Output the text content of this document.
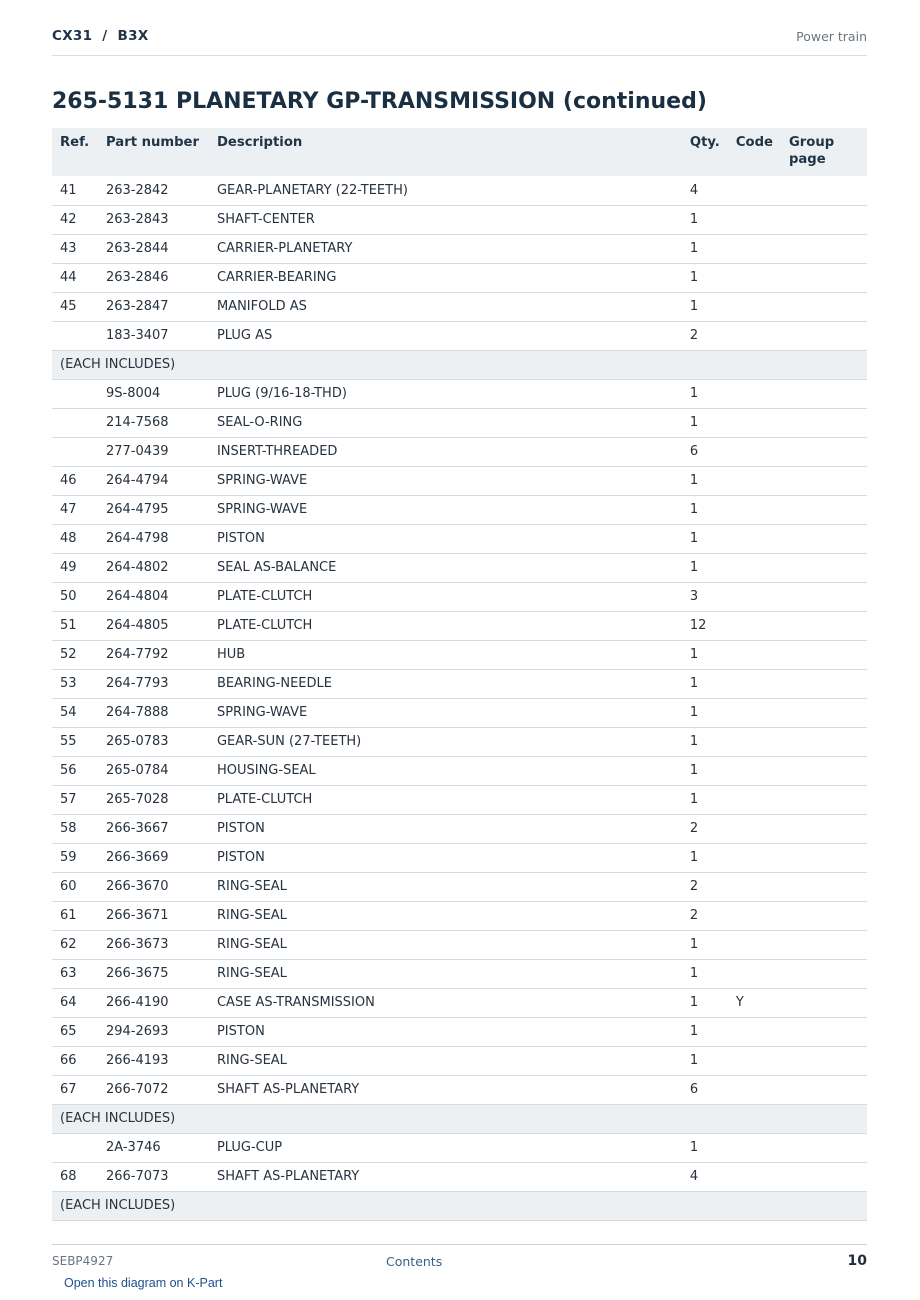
CX31  /  B3X	Power train
265-5131 PLANETARY GP-TRANSMISSION (continued)
Ref.	Part number	Description	Qty.	Code	Group page
41	263-2842	GEAR-PLANETARY (22-TEETH)	4		
42	263-2843	SHAFT-CENTER	1		
43	263-2844	CARRIER-PLANETARY	1		
44	263-2846	CARRIER-BEARING	1		
45	263-2847	MANIFOLD AS	1		
	183-3407	PLUG AS	2		
(EACH INCLUDES)					
	9S-8004	PLUG (9/16-18-THD)	1		
	214-7568	SEAL-O-RING	1		
	277-0439	INSERT-THREADED	6		
46	264-4794	SPRING-WAVE	1		
47	264-4795	SPRING-WAVE	1		
48	264-4798	PISTON	1		
49	264-4802	SEAL AS-BALANCE	1		
50	264-4804	PLATE-CLUTCH	3		
51	264-4805	PLATE-CLUTCH	12		
52	264-7792	HUB	1		
53	264-7793	BEARING-NEEDLE	1		
54	264-7888	SPRING-WAVE	1		
55	265-0783	GEAR-SUN (27-TEETH)	1		
56	265-0784	HOUSING-SEAL	1		
57	265-7028	PLATE-CLUTCH	1		
58	266-3667	PISTON	2		
59	266-3669	PISTON	1		
60	266-3670	RING-SEAL	2		
61	266-3671	RING-SEAL	2		
62	266-3673	RING-SEAL	1		
63	266-3675	RING-SEAL	1		
64	266-4190	CASE AS-TRANSMISSION	1	Y	
65	294-2693	PISTON	1		
66	266-4193	RING-SEAL	1		
67	266-7072	SHAFT AS-PLANETARY	6		
(EACH INCLUDES)					
	2A-3746	PLUG-CUP	1		
68	266-7073	SHAFT AS-PLANETARY	4		
(EACH INCLUDES)					
SEBP4927	Contents	10
Open this diagram on K-Part
